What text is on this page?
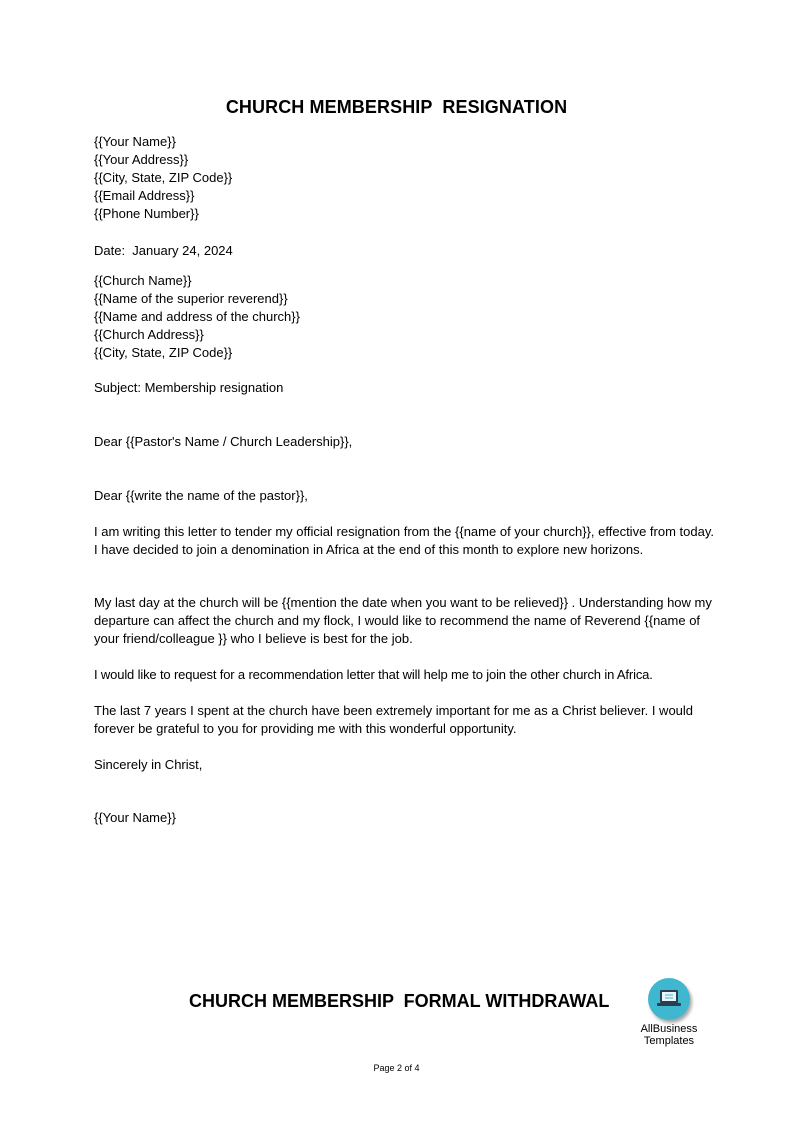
CHURCH MEMBERSHIP  RESIGNATION
{{Your Name}}
{{Your Address}}
{{City, State, ZIP Code}}
{{Email Address}}
{{Phone Number}}
Date:  January 24, 2024
{{Church Name}}
{{Name of the superior reverend}}
{{Name and address of the church}}
{{Church Address}}
{{City, State, ZIP Code}}
Subject: Membership resignation
Dear {{Pastor's Name / Church Leadership}},
Dear {{write the name of the pastor}},
I am writing this letter to tender my official resignation from the {{name of your church}}, effective from today. I have decided to join a denomination in Africa at the end of this month to explore new horizons.
My last day at the church will be {{mention the date when you want to be relieved}} . Understanding how my departure can affect the church and my flock, I would like to recommend the name of Reverend {{name of your friend/colleague }} who I believe is best for the job.
I would like to request for a recommendation letter that will help me to join the other church in Africa.
The last 7 years I spent at the church have been extremely important for me as a Christ believer. I would forever be grateful to you for providing me with this wonderful opportunity.
Sincerely in Christ,
{{Your Name}}
CHURCH MEMBERSHIP  FORMAL WITHDRAWAL
AllBusiness
Templates
Page 2 of 4
